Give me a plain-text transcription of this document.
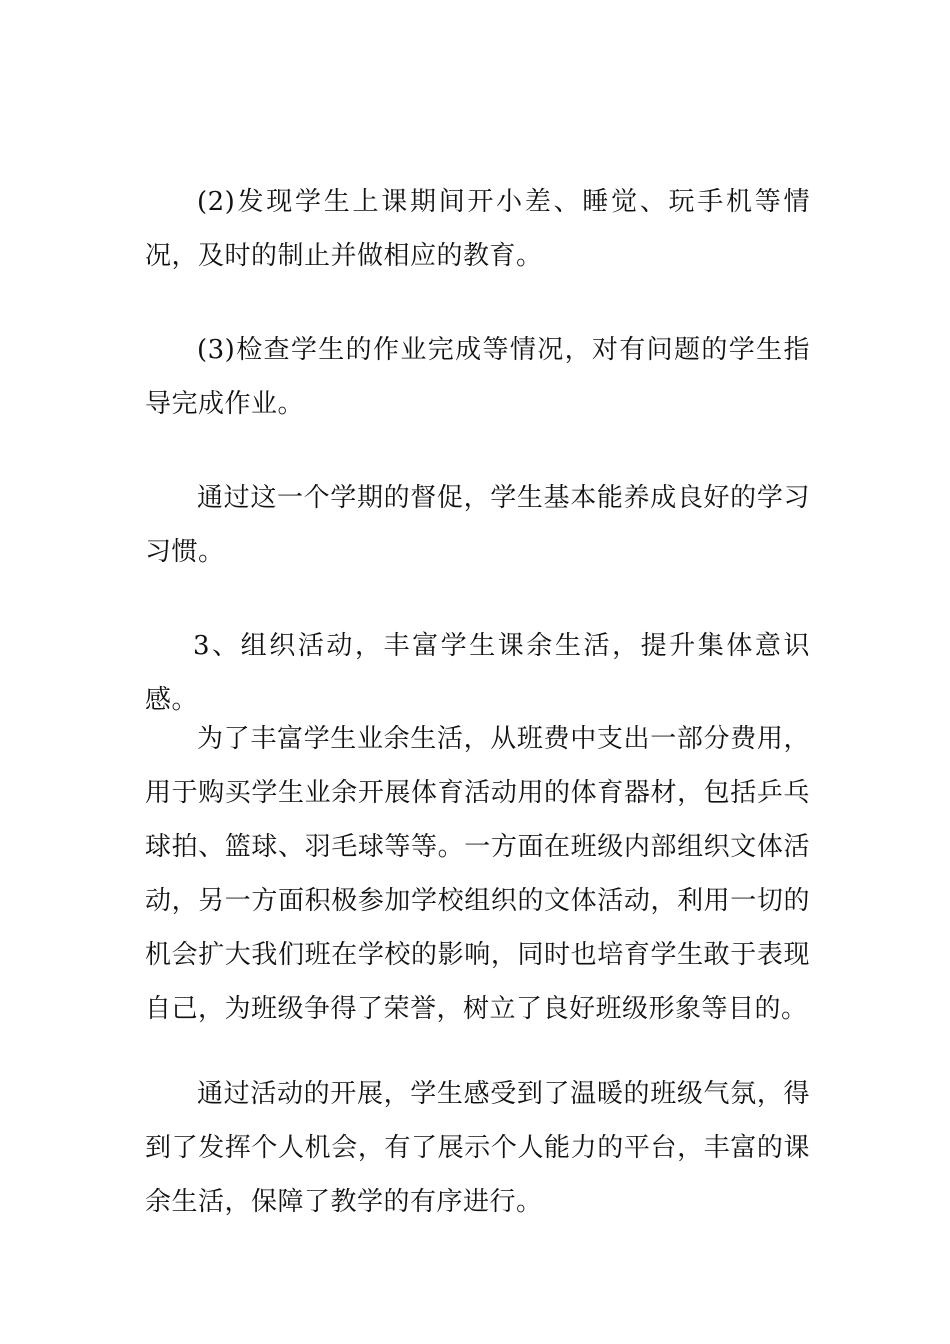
(2)发现学生上课期间开小差、睡觉、玩手机等情况，及时的制止并做相应的教育。

(3)检查学生的作业完成等情况，对有问题的学生指导完成作业。

通过这一个学期的督促，学生基本能养成良好的学习习惯。

3、组织活动，丰富学生课余生活，提升集体意识感。

为了丰富学生业余生活，从班费中支出一部分费用，用于购买学生业余开展体育活动用的体育器材，包括乒乓球拍、篮球、羽毛球等等。一方面在班级内部组织文体活动，另一方面积极参加学校组织的文体活动，利用一切的机会扩大我们班在学校的影响，同时也培育学生敢于表现自己，为班级争得了荣誉，树立了良好班级形象等目的。

通过活动的开展，学生感受到了温暖的班级气氛，得到了发挥个人机会，有了展示个人能力的平台，丰富的课余生活，保障了教学的有序进行。
